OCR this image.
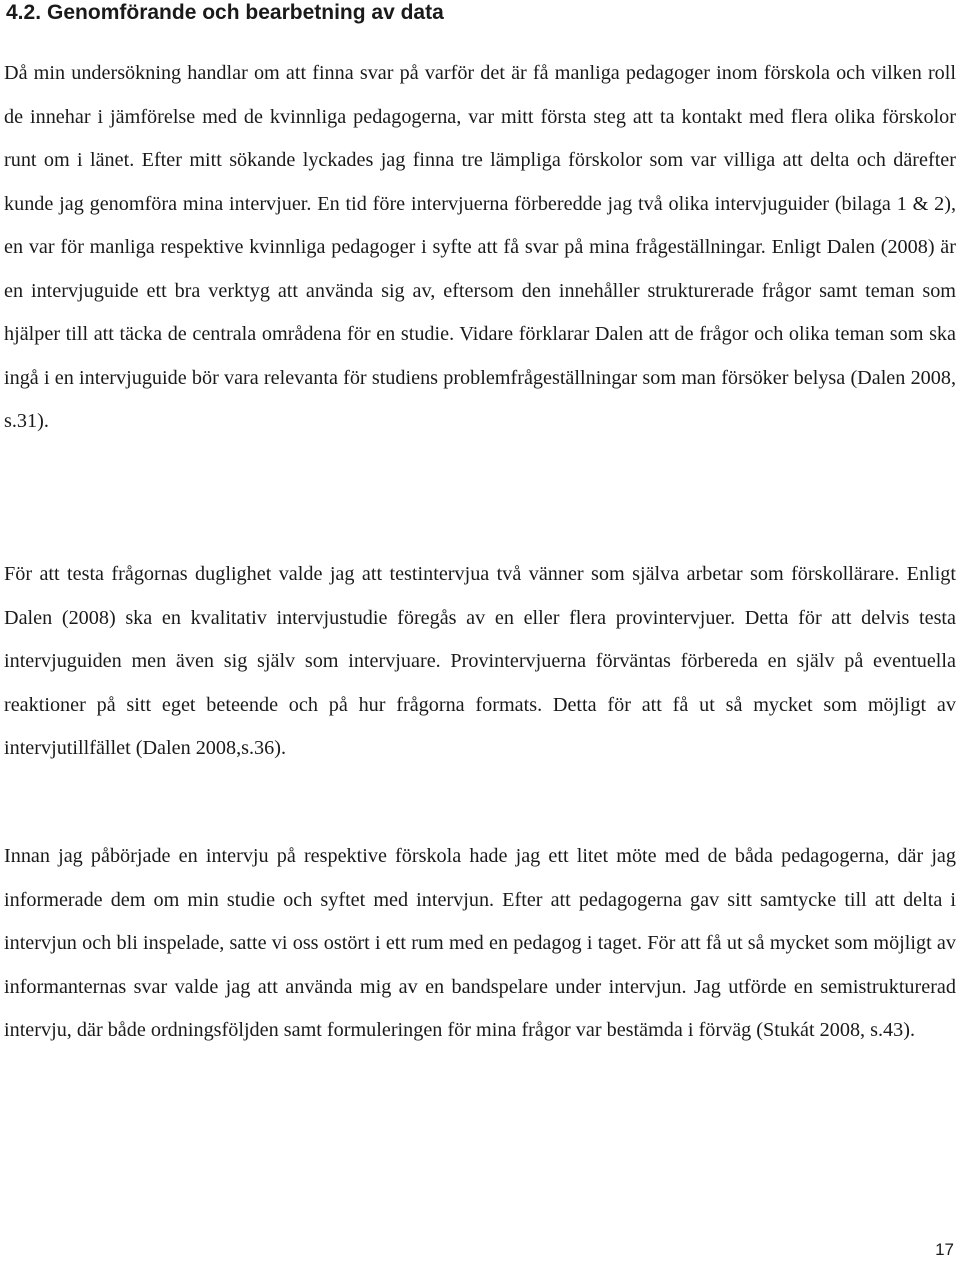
4.2. Genomförande och bearbetning av data

Då min undersökning handlar om att finna svar på varför det är få manliga pedagoger inom förskola och vilken roll de innehar i jämförelse med de kvinnliga pedagogerna, var mitt första steg att ta kontakt med flera olika förskolor runt om i länet. Efter mitt sökande lyckades jag finna tre lämpliga förskolor som var villiga att delta och därefter kunde jag genomföra mina intervjuer. En tid före intervjuerna förberedde jag två olika intervjuguider (bilaga 1 & 2), en var för manliga respektive kvinnliga pedagoger i syfte att få svar på mina frågeställningar. Enligt Dalen (2008) är en intervjuguide ett bra verktyg att använda sig av, eftersom den innehåller strukturerade frågor samt teman som hjälper till att täcka de centrala områdena för en studie. Vidare förklarar Dalen att de frågor och olika teman som ska ingå i en intervjuguide bör vara relevanta för studiens problemfrågeställningar som man försöker belysa (Dalen 2008, s.31).

För att testa frågornas duglighet valde jag att testintervjua två vänner som själva arbetar som förskollärare. Enligt Dalen (2008) ska en kvalitativ intervjustudie föregås av en eller flera provintervjuer. Detta för att delvis testa intervjuguiden men även sig själv som intervjuare. Provintervjuerna förväntas förbereda en själv på eventuella reaktioner på sitt eget beteende och på hur frågorna formats. Detta för att få ut så mycket som möjligt av intervjutillfället (Dalen 2008,s.36).

Innan jag påbörjade en intervju på respektive förskola hade jag ett litet möte med de båda pedagogerna, där jag informerade dem om min studie och syftet med intervjun. Efter att pedagogerna gav sitt samtycke till att delta i intervjun och bli inspelade, satte vi oss ostört i ett rum med en pedagog i taget. För att få ut så mycket som möjligt av informanternas svar valde jag att använda mig av en bandspelare under intervjun. Jag utförde en semistrukturerad intervju, där både ordningsföljden samt formuleringen för mina frågor var bestämda i förväg (Stukát 2008, s.43).

17
